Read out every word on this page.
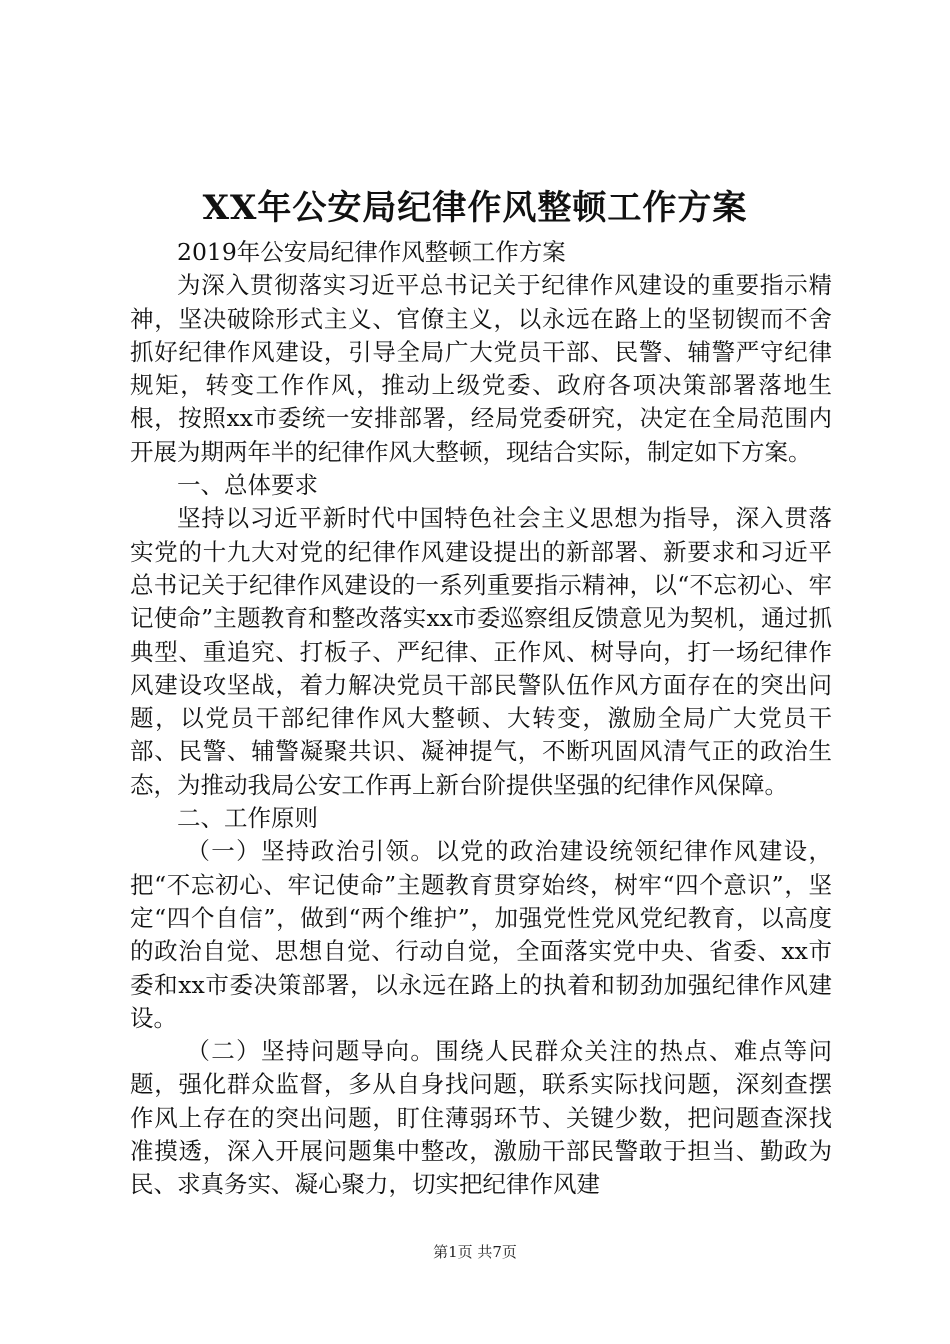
XX年公安局纪律作风整顿工作方案

2019年公安局纪律作风整顿工作方案

为深入贯彻落实习近平总书记关于纪律作风建设的重要指示精神，坚决破除形式主义、官僚主义，以永远在路上的坚韧锲而不舍抓好纪律作风建设，引导全局广大党员干部、民警、辅警严守纪律规矩，转变工作作风，推动上级党委、政府各项决策部署落地生根，按照xx市委统一安排部署，经局党委研究，决定在全局范围内开展为期两年半的纪律作风大整顿，现结合实际，制定如下方案。

一、总体要求

坚持以习近平新时代中国特色社会主义思想为指导，深入贯落实党的十九大对党的纪律作风建设提出的新部署、新要求和习近平总书记关于纪律作风建设的一系列重要指示精神，以“不忘初心、牢记使命”主题教育和整改落实xx市委巡察组反馈意见为契机，通过抓典型、重追究、打板子、严纪律、正作风、树导向，打一场纪律作风建设攻坚战，着力解决党员干部民警队伍作风方面存在的突出问题，以党员干部纪律作风大整顿、大转变，激励全局广大党员干部、民警、辅警凝聚共识、凝神提气，不断巩固风清气正的政治生态，为推动我局公安工作再上新台阶提供坚强的纪律作风保障。

二、工作原则

（一）坚持政治引领。以党的政治建设统领纪律作风建设，把“不忘初心、牢记使命”主题教育贯穿始终，树牢“四个意识”，坚定“四个自信”，做到“两个维护”，加强党性党风党纪教育，以高度的政治自觉、思想自觉、行动自觉，全面落实党中央、省委、xx市委和xx市委决策部署，以永远在路上的执着和韧劲加强纪律作风建设。

（二）坚持问题导向。围绕人民群众关注的热点、难点等问题，强化群众监督，多从自身找问题，联系实际找问题，深刻查摆作风上存在的突出问题，盯住薄弱环节、关键少数，把问题查深找准摸透，深入开展问题集中整改，激励干部民警敢于担当、勤政为民、求真务实、凝心聚力，切实把纪律作风建

第1页 共7页
